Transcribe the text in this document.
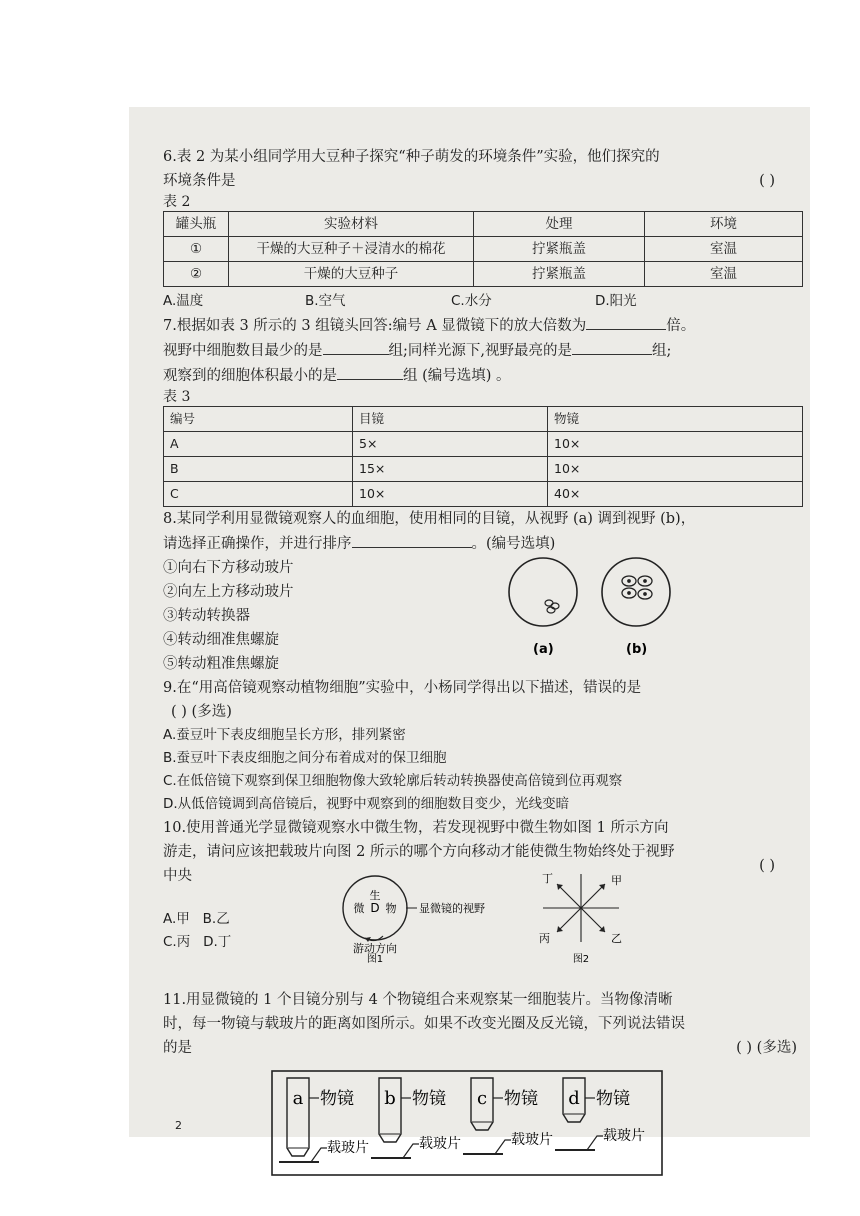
6.表 2 为某小组同学用大豆种子探究“种子萌发的环境条件”实验，他们探究的

环境条件是	( )

表 2

罐头瓶	实验材料	处理	环境
①	干燥的大豆种子＋浸清水的棉花	拧紧瓶盖	室温
②	干燥的大豆种子	拧紧瓶盖	室温
A.温度	B.空气	C.水分	D.阳光

7.根据如表 3 所示的 3 组镜头回答:编号 A 显微镜下的放大倍数为	倍。

视野中细胞数目最少的是	组;同样光源下,视野最亮的是	组;

观察到的细胞体积最小的是	组 (编号选填) 。

表 3

编号	目镜	物镜
A	5×	10×
B	15×	10×
C	10×	40×

8.某同学利用显微镜观察人的血细胞，使用相同的目镜，从视野 (a) 调到视野 (b)，

请选择正确操作，并进行排序	。(编号选填)

①向右下方移动玻片
②向左上方移动玻片
③转动转换器
④转动细准焦螺旋
⑤转动粗准焦螺旋
(a)	(b)

9.在“用高倍镜观察动植物细胞”实验中，小杨同学得出以下描述，错误的是

( ) (多选)

A.蚕豆叶下表皮细胞呈长方形，排列紧密

B.蚕豆叶下表皮细胞之间分布着成对的保卫细胞

C.在低倍镜下观察到保卫细胞物像大致轮廓后转动转换器使高倍镜到位再观察

D.从低倍镜调到高倍镜后，视野中观察到的细胞数目变少，光线变暗

10.使用普通光学显微镜观察水中微生物，若发现视野中微生物如图 1 所示方向

游走，请问应该把载玻片向图 2 所示的哪个方向移动才能使微生物始终处于视野

中央
( )

A.甲 B.乙
C.丙 D.丁
生
D 物
微	显微镜的视野
游动方向
图1
甲
乙
丙
丁
图2

11.用显微镜的 1 个目镜分别与 4 个物镜组合来观察某一细胞装片。当物像清晰

时，每一物镜与载玻片的距离如图所示。如果不改变光圈及反光镜，下列说法错误

的是	( ) (多选)

a 物镜
载玻片
b 物镜
载玻片
c 物镜
载玻片
d 物镜
载玻片
2
